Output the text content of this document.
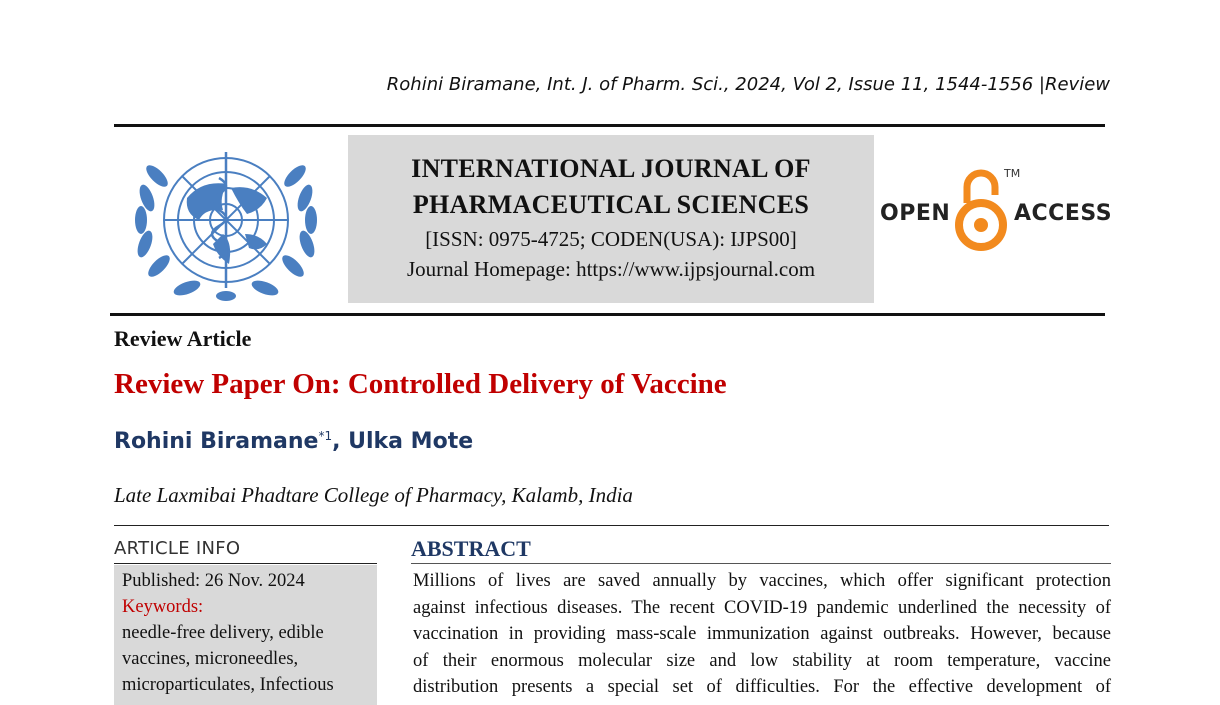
Rohini Biramane, Int. J. of Pharm. Sci., 2024, Vol 2, Issue 11, 1544-1556 |Review
INTERNATIONAL JOURNAL OF
PHARMACEUTICAL SCIENCES
[ISSN: 0975-4725; CODEN(USA): IJPS00]
Journal Homepage: https://www.ijpsjournal.com
OPEN
TM
ACCESS
Review Article
Review Paper On: Controlled Delivery of Vaccine
Rohini Biramane$^{*1}$, Ulka Mote
Late Laxmibai Phadtare College of Pharmacy, Kalamb, India
ARTICLE INFO
Published: 26 Nov. 2024
Keywords:
needle-free delivery, edible
vaccines, microneedles,
microparticulates, Infectious
ABSTRACT
Millions of lives are saved annually by vaccines, which offer significant protection
against infectious diseases. The recent COVID-19 pandemic underlined the necessity of
vaccination in providing mass-scale immunization against outbreaks. However, because
of their enormous molecular size and low stability at room temperature, vaccine
distribution presents a special set of difficulties. For the effective development of
